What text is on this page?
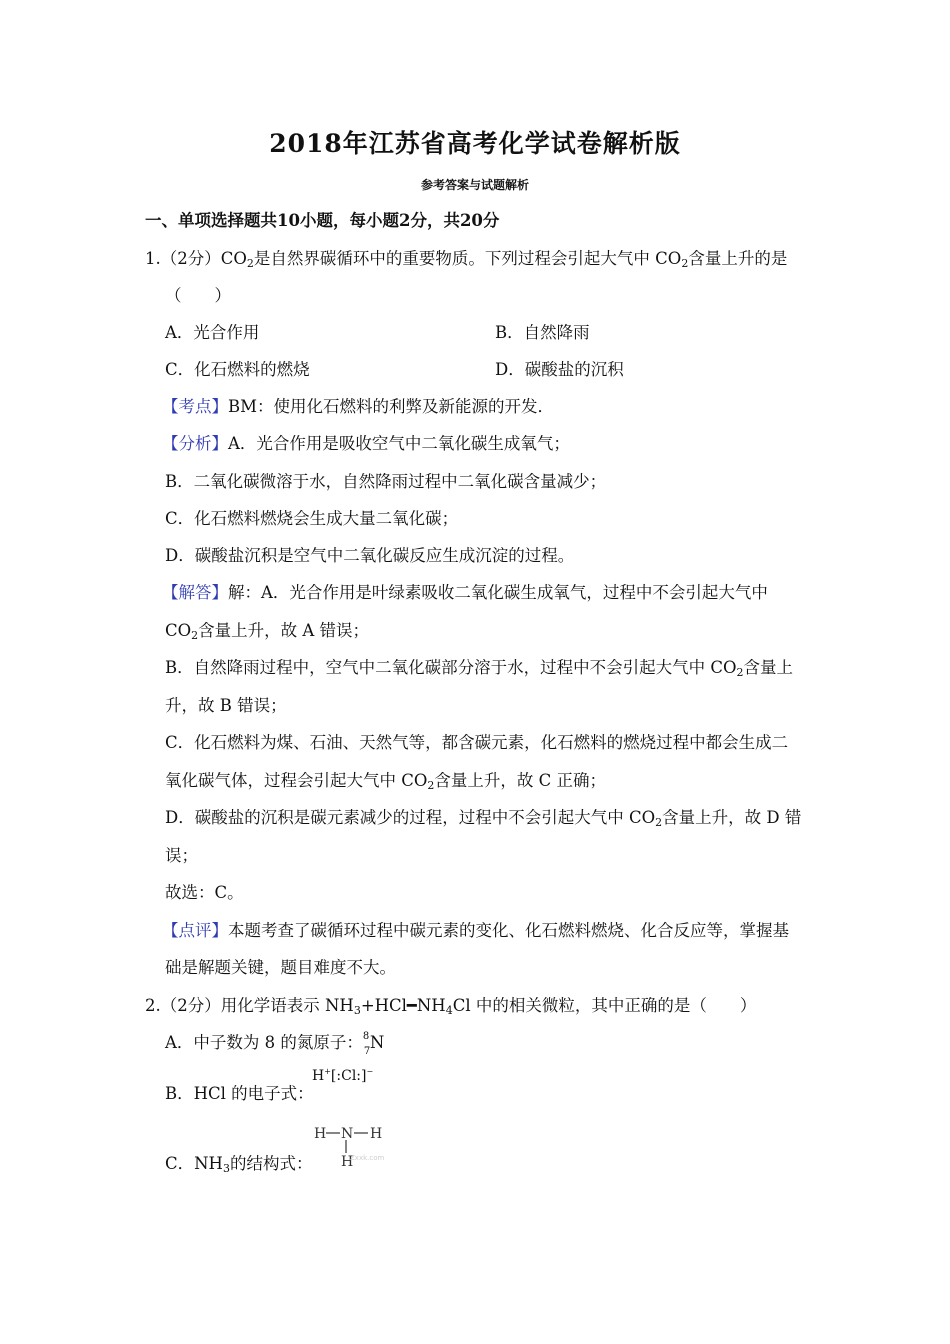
2018年江苏省高考化学试卷解析版
参考答案与试题解析
一、单项选择题共10小题，每小题2分，共20分
1.（2分）$CO_2$是自然界碳循环中的重要物质。下列过程会引起大气中 $CO_2$含量上升的是
（　　）
A．光合作用	B．自然降雨
C．化石燃料的燃烧	D．碳酸盐的沉积
【考点】BM：使用化石燃料的利弊及新能源的开发．
【分析】A．光合作用是吸收空气中二氧化碳生成氧气；
B．二氧化碳微溶于水，自然降雨过程中二氧化碳含量减少；
C．化石燃料燃烧会生成大量二氧化碳；
D．碳酸盐沉积是空气中二氧化碳反应生成沉淀的过程。
【解答】解：A．光合作用是叶绿素吸收二氧化碳生成氧气，过程中不会引起大气中
$CO_2$含量上升，故 A 错误；
B．自然降雨过程中，空气中二氧化碳部分溶于水，过程中不会引起大气中 $CO_2$含量上
升，故 B 错误；
C．化石燃料为煤、石油、天然气等，都含碳元素，化石燃料的燃烧过程中都会生成二
氧化碳气体，过程会引起大气中 $CO_2$含量上升，故 C 正确；
D．碳酸盐的沉积是碳元素减少的过程，过程中不会引起大气中 $CO_2$含量上升，故 D 错
误；
故选：C。
【点评】本题考查了碳循环过程中碳元素的变化、化石燃料燃烧、化合反应等，掌握基
础是解题关键，题目难度不大。
2.（2分）用化学语表示 $NH_3+HCl━NH_4Cl$ 中的相关微粒，其中正确的是（　　）
A．中子数为 8 的氮原子： 8
7 N
B．HCl 的电子式：
H+[:Cl:]−
C．$NH_3$的结构式：
H N H
H
Zxxk.com
